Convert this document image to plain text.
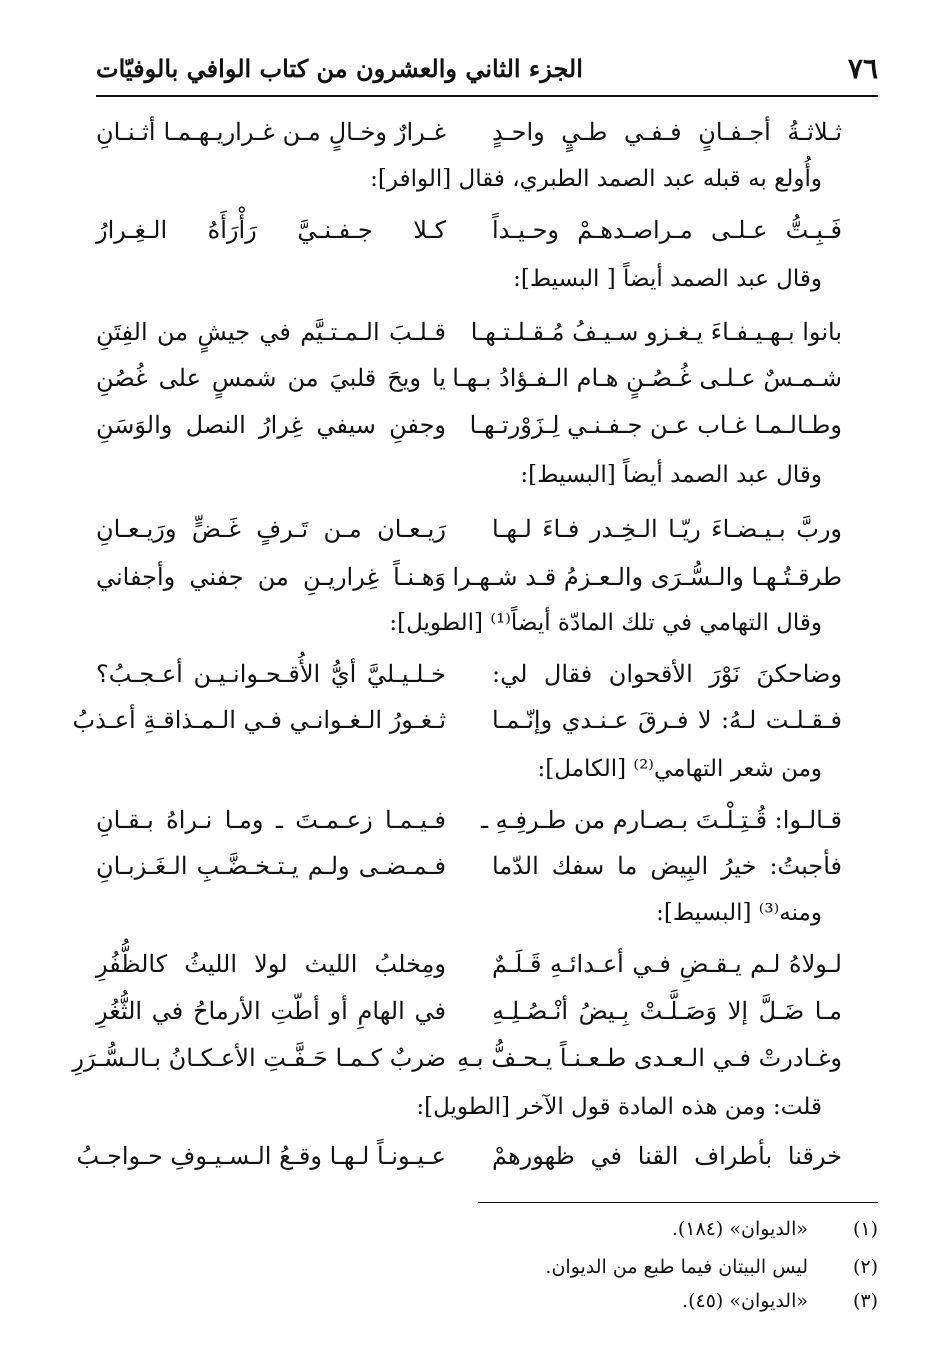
٧٦
الجزء الثاني والعشرون من كتاب الوافي بالوفيّات
ثـلاثـةُ أجـفـانٍ فـفـي طـيٍ واحـدٍ
غـرارٌ وخـالٍ مـن غـراريـهـمـا أثـنـانِ
وأُولع به قبله عبد الصمد الطبري، فقال [الوافر]:
فَـبِـتُّ عـلـى مـراصـدهـمْ وحـيـداً
كـلا جـفـنـيَّ رَأْرَأَهُ الـغِـرارُ
وقال عبد الصمد أيضاً [ البسيط]:
بانوا بـهـيـفـاءَ يـغـزو سـيـفُ مُـقـلـتـهـا
قـلـبَ الـمـتـيَّم في جيشٍ من الفِتَنِ
شـمـسٌ عـلـى غُـصُـنٍ هـام الـفـؤادُ بـهـا
يا ويحَ قلبيَ من شمسٍ على غُصُنِ
وطـالـمـا غـاب عـن جـفـنـي لِـزَوْرتـهـا
وجفنِ سيفي غِرارُ النصل والوَسَنِ
وقال عبد الصمد أيضاً [البسيط]:
وربَّ بـيـضـاءَ ريّـا الـخِـدر فـاءَ لـهـا
رَيـعـان مـن تَـرفٍ غَـضٍّ ورَيـعـانِ
طرقـتُـهـا والـسُّـرَى والـعـزمُ قـد شـهـرا
وَهـنـاً غِراريـنِ من جفني وأجفاني
وقال التهامي في تلك المادّة أيضاً⁽¹⁾ [الطويل]:
وضاحكنَ نَوْرَ الأقحوان فقال لي:
خـلـيـليَّ أيُّ الأُقـحـوانـيـن أعـجـبُ؟
فـقـلـت لـهُ: لا فـرقَ عـنـدي وإنّـمـا
ثـغـورُ الـغـوانـي فـي الـمـذاقـةِ أعـذبُ
ومن شعر التهامي⁽²⁾ [الكامل]:
قـالـوا: قُـتِـلْـتَ بـصـارم من طـرفِـهِ ـ
فـيـمـا زعـمـتَ ـ ومـا نـراهُ بـقـانِ
فأجبتُ: خيرُ البِيض ما سفك الدّما
فـمـضـى ولـم يـتـخـضَّـبِ الـغَـزبـانِ
ومنه⁽³⁾ [البسيط]:
لـولاهُ لـم يـقـضِ فـي أعـدائـهِ قَـلَـمٌ
ومِخلبُ الليث لولا الليثُ كالظُّفُرِ
مـا ضَـلَّ إلا وَصَـلَّـتْ بِـيضُ أنْـصُـلِـهِ
في الهامِ أو أطّتِ الأرماحُ في الثُّغُرِ
وغـادرتْ فـي الـعـدى طـعـنـاً يـحـفُّ بـهِ
ضربٌ كـمـا حَـفَّـتِ الأعـكـانُ بـالـسُّـرَرِ
قلت: ومن هذه المادة قول الآخر [الطويل]:
خرقنا بأطراف القنا في ظهورهمْ
عـيـونـاً لـهـا وقـعُ الـسـيـوفِ حـواجـبُ
(١)
«الديوان» (١٨٤).
(٢)
ليس البيتان فيما طبع من الديوان.
(٣)
«الديوان» (٤٥).
